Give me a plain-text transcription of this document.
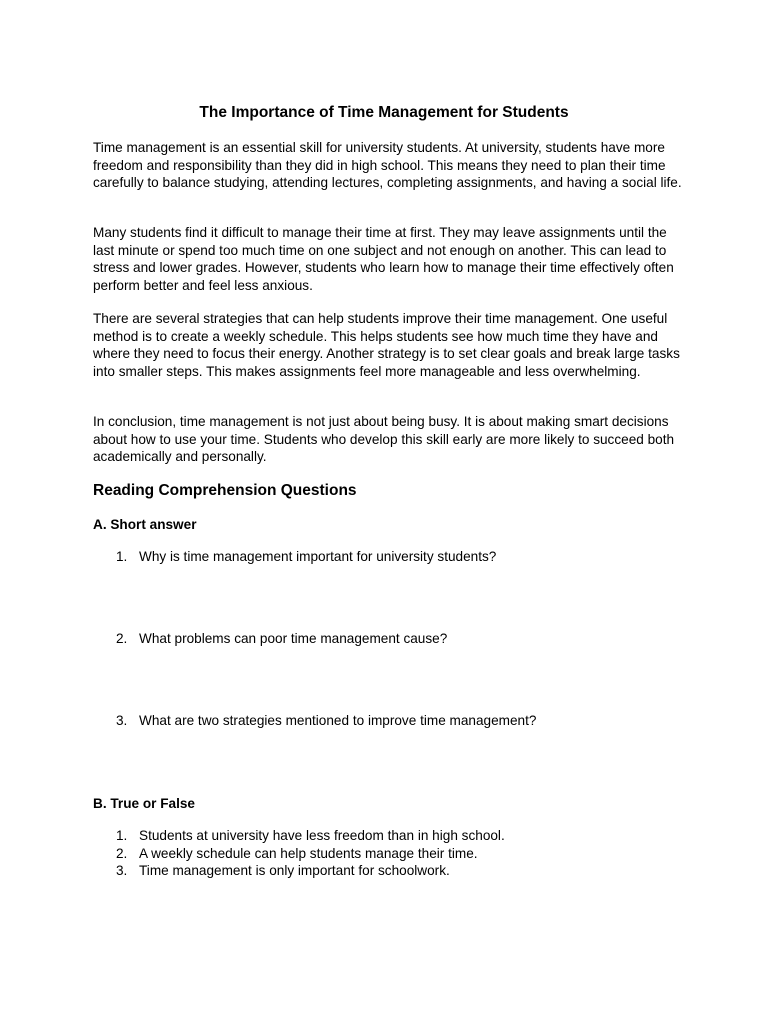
The Importance of Time Management for Students

Time management is an essential skill for university students. At university, students have more freedom and responsibility than they did in high school. This means they need to plan their time carefully to balance studying, attending lectures, completing assignments, and having a social life.

Many students find it difficult to manage their time at first. They may leave assignments until the last minute or spend too much time on one subject and not enough on another. This can lead to stress and lower grades. However, students who learn how to manage their time effectively often perform better and feel less anxious.

There are several strategies that can help students improve their time management. One useful method is to create a weekly schedule. This helps students see how much time they have and where they need to focus their energy. Another strategy is to set clear goals and break large tasks into smaller steps. This makes assignments feel more manageable and less overwhelming.

In conclusion, time management is not just about being busy. It is about making smart decisions about how to use your time. Students who develop this skill early are more likely to succeed both academically and personally.

Reading Comprehension Questions
A. Short answer
1. Why is time management important for university students?
2. What problems can poor time management cause?
3. What are two strategies mentioned to improve time management?
B. True or False
1. Students at university have less freedom than in high school.
2. A weekly schedule can help students manage their time.
3. Time management is only important for schoolwork.
